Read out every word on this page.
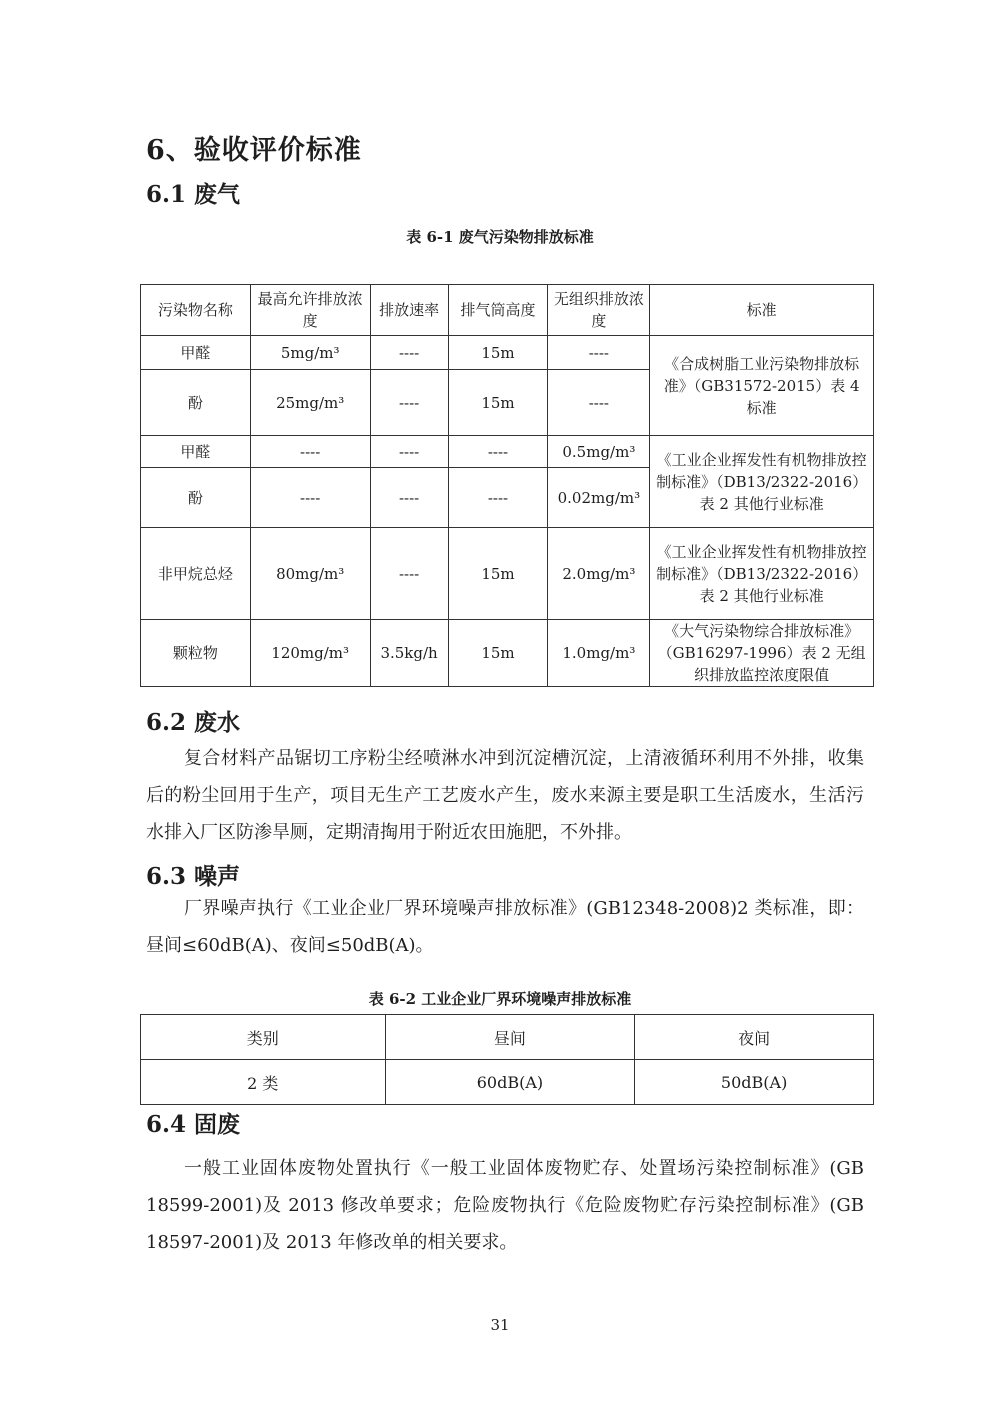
6、验收评价标准
6.1 废气
表 6-1 废气污染物排放标准
污染物名称	最高允许排放浓度	排放速率	排气筒高度	无组织排放浓度	标准
甲醛	5mg/m³	----	15m	----	《合成树脂工业污染物排放标准》（GB31572-2015）表 4 标准
酚	25mg/m³	----	15m	----	
甲醛	----	----	----	0.5mg/m³	《工业企业挥发性有机物排放控制标准》（DB13/2322-2016）表 2 其他行业标准
酚	----	----	----	0.02mg/m³	
非甲烷总烃	80mg/m³	----	15m	2.0mg/m³	《工业企业挥发性有机物排放控制标准》（DB13/2322-2016）表 2 其他行业标准
颗粒物	120mg/m³	3.5kg/h	15m	1.0mg/m³	《大气污染物综合排放标准》（GB16297-1996）表 2 无组织排放监控浓度限值
6.2 废水

复合材料产品锯切工序粉尘经喷淋水冲到沉淀槽沉淀，上清液循环利用不外排，收集后的粉尘回用于生产，项目无生产工艺废水产生，废水来源主要是职工生活废水，生活污水排入厂区防渗旱厕，定期清掏用于附近农田施肥，不外排。

6.3 噪声

厂界噪声执行《工业企业厂界环境噪声排放标准》(GB12348-2008)2 类标准，即：昼间≤60dB(A)、夜间≤50dB(A)。

表 6-2 工业企业厂界环境噪声排放标准
类别	昼间	夜间
2 类	60dB(A)	50dB(A)
6.4 固废

一般工业固体废物处置执行《一般工业固体废物贮存、处置场污染控制标准》(GB 18599-2001)及 2013 修改单要求；危险废物执行《危险废物贮存污染控制标准》(GB 18597-2001)及 2013 年修改单的相关要求。

31
